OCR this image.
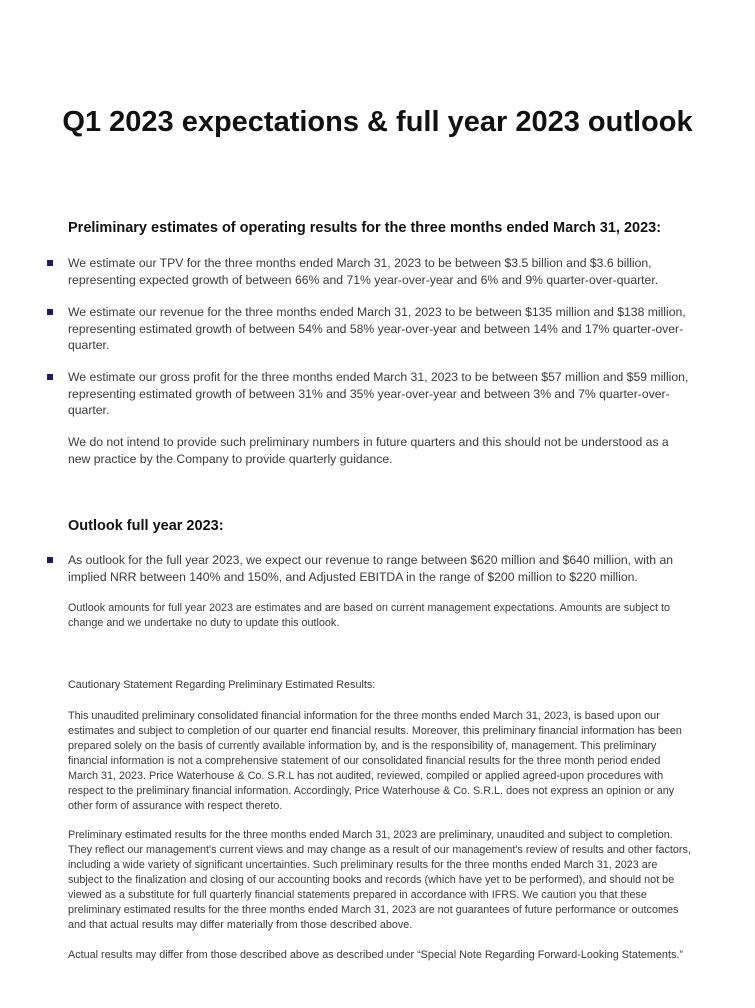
Q1 2023 expectations & full year 2023 outlook
Preliminary estimates of operating results for the three months ended March 31, 2023:
We estimate our TPV for the three months ended March 31, 2023 to be between $3.5 billion and $3.6 billion, representing expected growth of between 66% and 71% year-over-year and 6% and 9% quarter-over-quarter.
We estimate our revenue for the three months ended March 31, 2023 to be between $135 million and $138 million, representing estimated growth of between 54% and 58% year-over-year and between 14% and 17% quarter-over-quarter.
We estimate our gross profit for the three months ended March 31, 2023 to be between $57 million and $59 million, representing estimated growth of between 31% and 35% year-over-year and between 3% and 7% quarter-over-quarter.
We do not intend to provide such preliminary numbers in future quarters and this should not be understood as a new practice by the Company to provide quarterly guidance.
Outlook full year 2023:
As outlook for the full year 2023, we expect our revenue to range between $620 million and $640 million, with an implied NRR between 140% and 150%, and Adjusted EBITDA in the range of $200 million to $220 million.
Outlook amounts for full year 2023 are estimates and are based on current management expectations. Amounts are subject to change and we undertake no duty to update this outlook.
Cautionary Statement Regarding Preliminary Estimated Results:
This unaudited preliminary consolidated financial information for the three months ended March 31, 2023, is based upon our estimates and subject to completion of our quarter end financial results. Moreover, this preliminary financial information has been prepared solely on the basis of currently available information by, and is the responsibility of, management. This preliminary financial information is not a comprehensive statement of our consolidated financial results for the three month period ended March 31, 2023. Price Waterhouse & Co. S.R.L has not audited, reviewed, compiled or applied agreed-upon procedures with respect to the preliminary financial information. Accordingly, Price Waterhouse & Co. S.R.L. does not express an opinion or any other form of assurance with respect thereto.
Preliminary estimated results for the three months ended March 31, 2023 are preliminary, unaudited and subject to completion. They reflect our management's current views and may change as a result of our management's review of results and other factors, including a wide variety of significant uncertainties. Such preliminary results for the three months ended March 31, 2023 are subject to the finalization and closing of our accounting books and records (which have yet to be performed), and should not be viewed as a substitute for full quarterly financial statements prepared in accordance with IFRS. We caution you that these preliminary estimated results for the three months ended March 31, 2023 are not guarantees of future performance or outcomes and that actual results may differ materially from those described above.
Actual results may differ from those described above as described under “Special Note Regarding Forward-Looking Statements.”
